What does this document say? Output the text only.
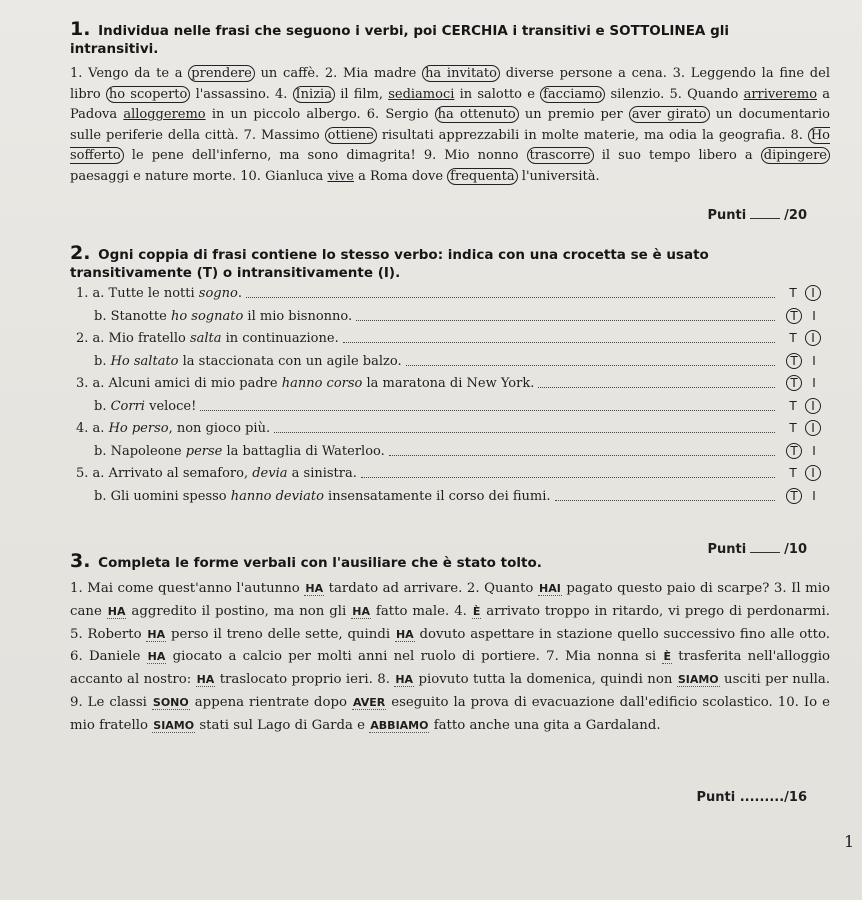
1. Individua nelle frasi che seguono i verbi, poi CERCHIA i transitivi e SOTTOLINEA gli intransitivi.
1. Vengo da te a prendere un caffè. 2. Mia madre ha invitato diverse persone a cena. 3. Leggendo la fine del libro ho scoperto l'assassino. 4. Inizia il film, sediamoci in salotto e facciamo silenzio. 5. Quando arriveremo a Padova alloggeremo in un piccolo albergo. 6. Sergio ha ottenuto un premio per aver girato un documentario sulle periferie della città. 7. Massimo ottiene risultati apprezzabili in molte materie, ma odia la geografia. 8. Ho sofferto le pene dell'inferno, ma sono dimagrita! 9. Mio nonno trascorre il suo tempo libero a dipingere paesaggi e nature morte. 10. Gianluca vive a Roma dove frequenta l'università.
Punti	/20
2. Ogni coppia di frasi contiene lo stesso verbo: indica con una crocetta se è usato transitivamente (T) o intransitivamente (I).
1. a. Tutte le notti sogno.	T	I
b. Stanotte ho sognato il mio bisnonno.	T	I
2. a. Mio fratello salta in continuazione.	T	I
b. Ho saltato la staccionata con un agile balzo.	T	I
3. a. Alcuni amici di mio padre hanno corso la maratona di New York.	T	I
b. Corri veloce!	T	I
4. a. Ho perso, non gioco più.	T	I
b. Napoleone perse la battaglia di Waterloo.	T	I
5. a. Arrivato al semaforo, devia a sinistra.	T	I
b. Gli uomini spesso hanno deviato insensatamente il corso dei fiumi.	T	I
Punti	/10
3. Completa le forme verbali con l'ausiliare che è stato tolto.
1. Mai come quest'anno l'autunno HA tardato ad arrivare. 2. Quanto HAI pagato questo paio di scarpe? 3. Il mio cane HA aggredito il postino, ma non gli HA fatto male. 4. È arrivato troppo in ritardo, vi prego di perdonarmi. 5. Roberto HA perso il treno delle sette, quindi HA dovuto aspettare in stazione quello successivo fino alle otto. 6. Daniele HA giocato a calcio per molti anni nel ruolo di portiere. 7. Mia nonna si È trasferita nell'alloggio accanto al nostro: HA traslocato proprio ieri. 8. HA piovuto tutta la domenica, quindi non SIAMO usciti per nulla. 9. Le classi SONO appena rientrate dopo AVER eseguito la prova di evacuazione dall'edificio scolastico. 10. Io e mio fratello SIAMO stati sul Lago di Garda e ABBIAMO fatto anche una gita a Gardaland.
Punti ........./16
1
